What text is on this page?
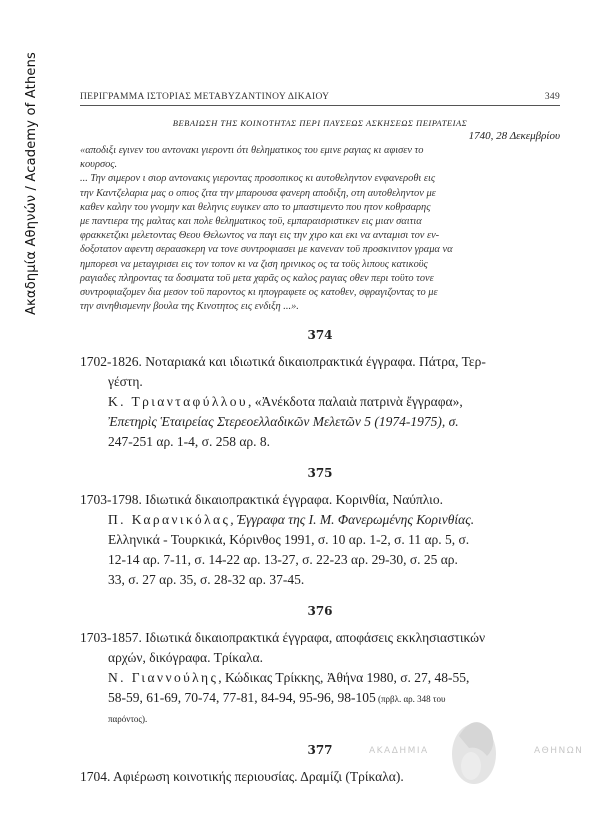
Ακαδημία Αθηνών / Academy of Athens	ΠΕΡΙΓΡΑΜΜΑ ΙΣΤΟΡΙΑΣ ΜΕΤΑΒΥΖΑΝΤΙΝΟΥ ΔΙΚΑΙΟΥ	349
ΒΕΒΑΙΩΣΗ ΤΗΣ ΚΟΙΝΟΤΗΤΑΣ ΠΕΡΙ ΠΑΥΣΕΩΣ ΑΣΚΗΣΕΩΣ ΠΕΙΡΑΤΕΙΑΣ
1740, 28 Δεκεμβρίου

«αποδιξι εγινεν του αντονακι γιεροντι ότι θεληματικος του εμινε ραγιας κι αφισεν το

κουρσος.

... Την σιμερον ι σιορ αντονακις γιεροντας προσοπικος κι αυτοθεληντον ενφανεροθι εις

την Καντζελαρια μας ο οπιος ζιτα την μπαρουσα φανερη αποδιξη, οτη αυτοθεληντον με

καθεν καλην του γνομην και θεληνις ευγικεν απο το μπαστιμεντο που ητον κοθρσαρης

με παντιερα της μαλτας και πολε θεληματικος τοϋ, εμπαραισριστικεν εις μιαν σαιτια

φρακκετζικι μελετοντας Θεου Θελωντος να παγι εις την χιρο και εκι να ανταμισι τον εν-

δοξοτατον αφεντη σεραασκερη να τονε συντροφιασει με κανεναν τοϋ προσκινιτον γραμα να

ημπορεσι να μεταγιρισει εις τον τοπον κι να ζιση ηρινικος ος τα τοϋς λιπους κατικοϋς

ραγιαδες πληροντας τα δοσιματα τοϋ μετα χαρᾶς ος καλος ραγιας οθεν περι τοϋτο τονε

συντροφιαζομεν δια μεσον τοϋ παροντος κι ηπογραφετε ος κατοθεν, σφραγιζοντας το με

την σινηθισμενην βουλα της Κινοτητος εις ενδιξη ...».

374
1702-1826. Νοταριακά και ιδιωτικά δικαιοπρακτικά έγγραφα. Πάτρα, Τερ-
γέστη.
Κ. Τριανταφύλλου, «Ἀνέκδοτα παλαιὰ πατρινὰ ἔγγραφα»,
Ἐπετηρὶς Ἑταιρείας Στερεοελλαδικῶν Μελετῶν 5 (1974-1975), σ.
247-251 αρ. 1-4, σ. 258 αρ. 8.
375
1703-1798. Ιδιωτικά δικαιοπρακτικά έγγραφα. Κορινθία, Ναύπλιο.
Π. Καρανικόλας, Έγγραφα της Ι. Μ. Φανερωμένης Κορινθίας.
Ελληνικά - Τουρκικά, Κόρινθος 1991, σ. 10 αρ. 1-2, σ. 11 αρ. 5, σ.
12-14 αρ. 7-11, σ. 14-22 αρ. 13-27, σ. 22-23 αρ. 29-30, σ. 25 αρ.
33, σ. 27 αρ. 35, σ. 28-32 αρ. 37-45.
376
1703-1857. Ιδιωτικά δικαιοπρακτικά έγγραφα, αποφάσεις εκκλησιαστικών
αρχών, δικόγραφα. Τρίκαλα.
Ν. Γιαννούλης, Κώδικας Τρίκκης, Ἀθήνα 1980, σ. 27, 48-55,
58-59, 61-69, 70-74, 77-81, 84-94, 95-96, 98-105 (πρβλ. αρ. 348 του
παρόντος).
377
1704. Αφιέρωση κοινοτικής περιουσίας. Δραμίζι (Τρίκαλα).
ΑΚΑΔΗΜΙΑ	ΑΘΗΝΩΝ
